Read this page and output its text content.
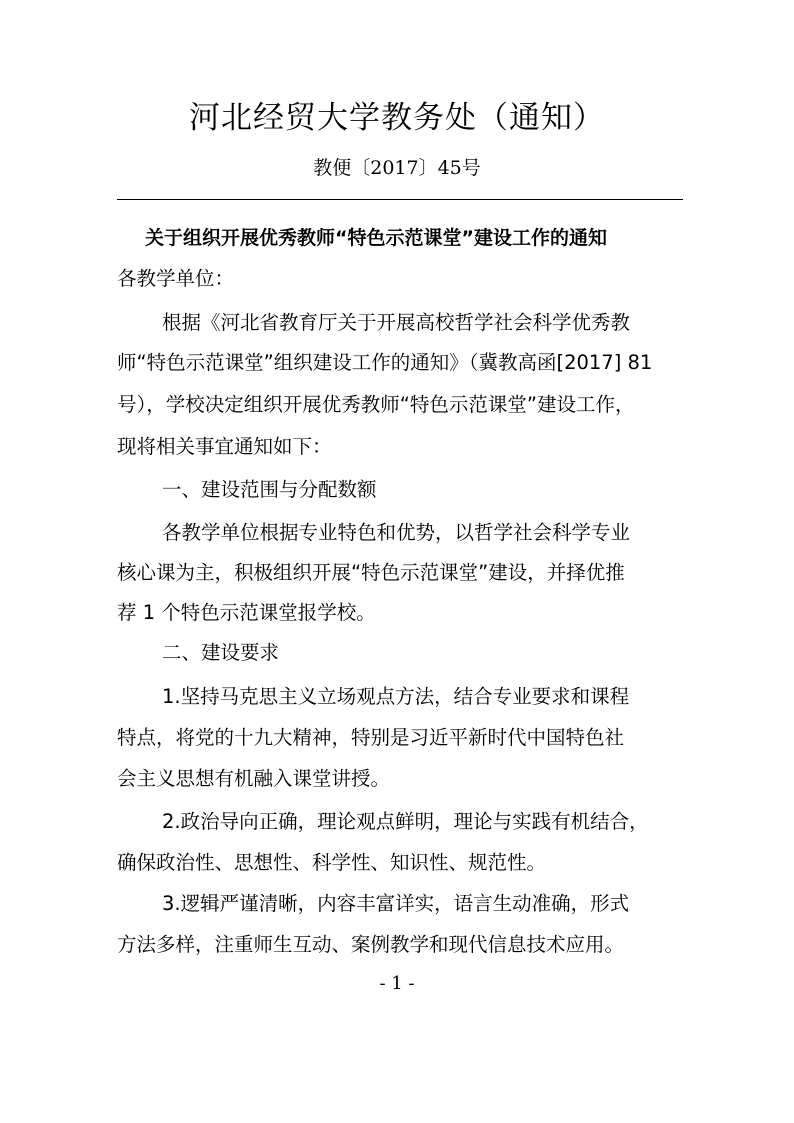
河北经贸大学教务处（通知）
教便〔2017〕45号
关于组织开展优秀教师“特色示范课堂”建设工作的通知
各教学单位：
根据《河北省教育厅关于开展高校哲学社会科学优秀教
师“特色示范课堂”组织建设工作的通知》（冀教高函[2017] 81
号），学校决定组织开展优秀教师“特色示范课堂”建设工作，
现将相关事宜通知如下：
一、建设范围与分配数额
各教学单位根据专业特色和优势，以哲学社会科学专业
核心课为主，积极组织开展“特色示范课堂”建设，并择优推
荐 1 个特色示范课堂报学校。
二、建设要求
1.坚持马克思主义立场观点方法，结合专业要求和课程
特点，将党的十九大精神，特别是习近平新时代中国特色社
会主义思想有机融入课堂讲授。
2.政治导向正确，理论观点鲜明，理论与实践有机结合，
确保政治性、思想性、科学性、知识性、规范性。
3.逻辑严谨清晰，内容丰富详实，语言生动准确，形式
方法多样，注重师生互动、案例教学和现代信息技术应用。
- 1 -
